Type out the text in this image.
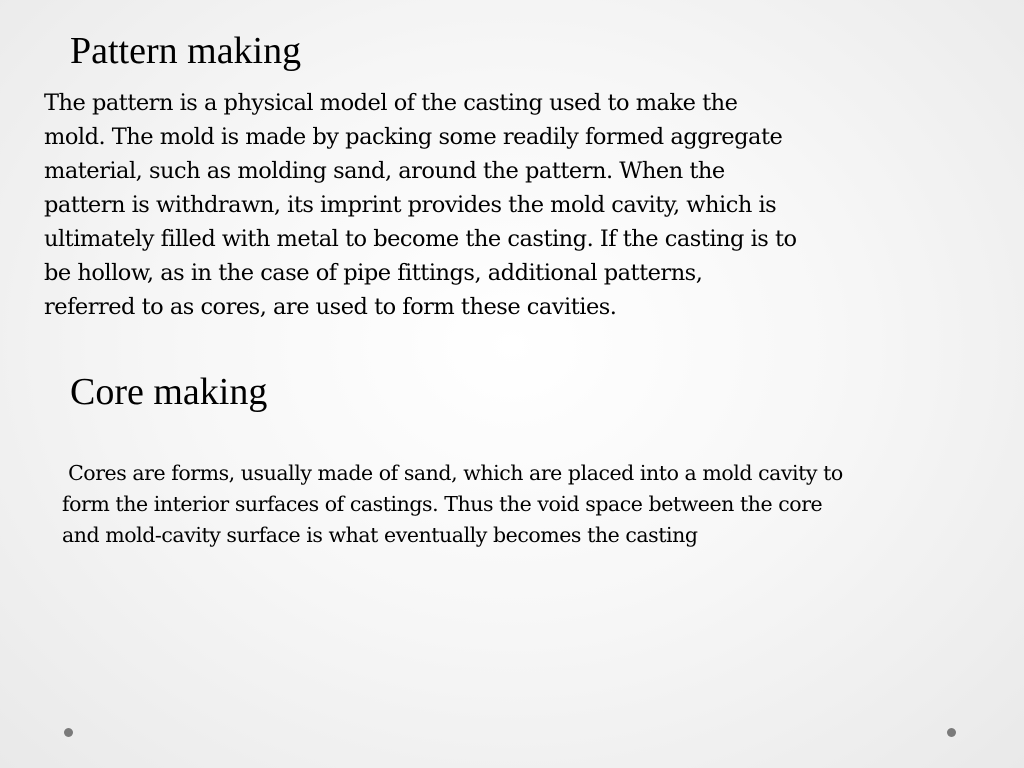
Pattern making

The pattern is a physical model of the casting used to make the
mold. The mold is made by packing some readily formed aggregate
material, such as molding sand, around the pattern. When the
pattern is withdrawn, its imprint provides the mold cavity, which is
ultimately filled with metal to become the casting. If the casting is to
be hollow, as in the case of pipe fittings, additional patterns,
referred to as cores, are used to form these cavities.

Core making

Cores are forms, usually made of sand, which are placed into a mold cavity to
form the interior surfaces of castings. Thus the void space between the core
and mold-cavity surface is what eventually becomes the casting
